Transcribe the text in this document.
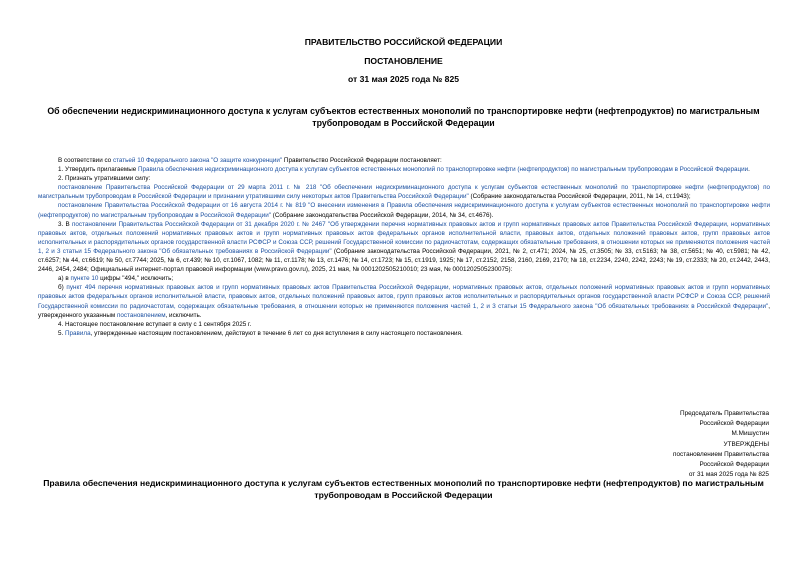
ПРАВИТЕЛЬСТВО РОССИЙСКОЙ ФЕДЕРАЦИИ
ПОСТАНОВЛЕНИЕ
от 31 мая 2025 года № 825
Об обеспечении недискриминационного доступа к услугам субъектов естественных монополий по транспортировке нефти (нефтепродуктов) по магистральным трубопроводам в Российской Федерации

В соответствии со статьей 10 Федерального закона "О защите конкуренции" Правительство Российской Федерации постановляет:

1. Утвердить прилагаемые Правила обеспечения недискриминационного доступа к услугам субъектов естественных монополий по транспортировке нефти (нефтепродуктов) по магистральным трубопроводам в Российской Федерации.

2. Признать утратившими силу:

постановление Правительства Российской Федерации от 29 марта 2011 г. № 218 "Об обеспечении недискриминационного доступа к услугам субъектов естественных монополий по транспортировке нефти (нефтепродуктов) по магистральным трубопроводам в Российской Федерации и признании утратившими силу некоторых актов Правительства Российской Федерации" (Собрание законодательства Российской Федерации, 2011, № 14, ст.1943);

постановление Правительства Российской Федерации от 16 августа 2014 г. № 819 "О внесении изменения в Правила обеспечения недискриминационного доступа к услугам субъектов естественных монополий по транспортировке нефти (нефтепродуктов) по магистральным трубопроводам в Российской Федерации" (Собрание законодательства Российской Федерации, 2014, № 34, ст.4676).

3. В постановлении Правительства Российской Федерации от 31 декабря 2020 г. № 2467 "Об утверждении перечня нормативных правовых актов и групп нормативных правовых актов Правительства Российской Федерации, нормативных правовых актов, отдельных положений нормативных правовых актов и групп нормативных правовых актов федеральных органов исполнительной власти, правовых актов, отдельных положений правовых актов, групп правовых актов исполнительных и распорядительных органов государственной власти РСФСР и Союза ССР, решений Государственной комиссии по радиочастотам, содержащих обязательные требования, в отношении которых не применяются положения частей 1, 2 и 3 статьи 15 Федерального закона "Об обязательных требованиях в Российской Федерации" (Собрание законодательства Российской Федерации, 2021, № 2, ст.471; 2024, № 25, ст.3505; № 33, ст.5163; № 38, ст.5651; № 40, ст.5981; № 42, ст.6257; № 44, ст.6619; № 50, ст.7744; 2025, № 6, ст.439; № 10, ст.1067, 1082; № 11, ст.1178; № 13, ст.1476; № 14, ст.1723; № 15, ст.1919, 1925; № 17, ст.2152, 2158, 2160, 2169, 2170; № 18, ст.2234, 2240, 2242, 2243; № 19, ст.2333; № 20, ст.2442, 2443, 2446, 2454, 2484; Официальный интернет-портал правовой информации (www.pravo.gov.ru), 2025, 21 мая, № 0001202505210010; 23 мая, № 0001202505230075):

а) в пункте 10 цифры "494," исключить;

б) пункт 494 перечня нормативных правовых актов и групп нормативных правовых актов Правительства Российской Федерации, нормативных правовых актов, отдельных положений нормативных правовых актов и групп нормативных правовых актов федеральных органов исполнительной власти, правовых актов, отдельных положений правовых актов, групп правовых актов исполнительных и распорядительных органов государственной власти РСФСР и Союза ССР, решений Государственной комиссии по радиочастотам, содержащих обязательные требования, в отношении которых не применяются положения частей 1, 2 и 3 статьи 15 Федерального закона "Об обязательных требованиях в Российской Федерации", утвержденного указанным постановлением, исключить.

4. Настоящее постановление вступает в силу с 1 сентября 2025 г.

5. Правила, утвержденные настоящим постановлением, действуют в течение 6 лет со дня вступления в силу настоящего постановления.

Председатель Правительства
Российской Федерации
М.Мишустин
УТВЕРЖДЕНЫ
постановлением Правительства
Российской Федерации
от 31 мая 2025 года № 825
Правила обеспечения недискриминационного доступа к услугам субъектов естественных монополий по транспортировке нефти (нефтепродуктов) по магистральным трубопроводам в Российской Федерации
